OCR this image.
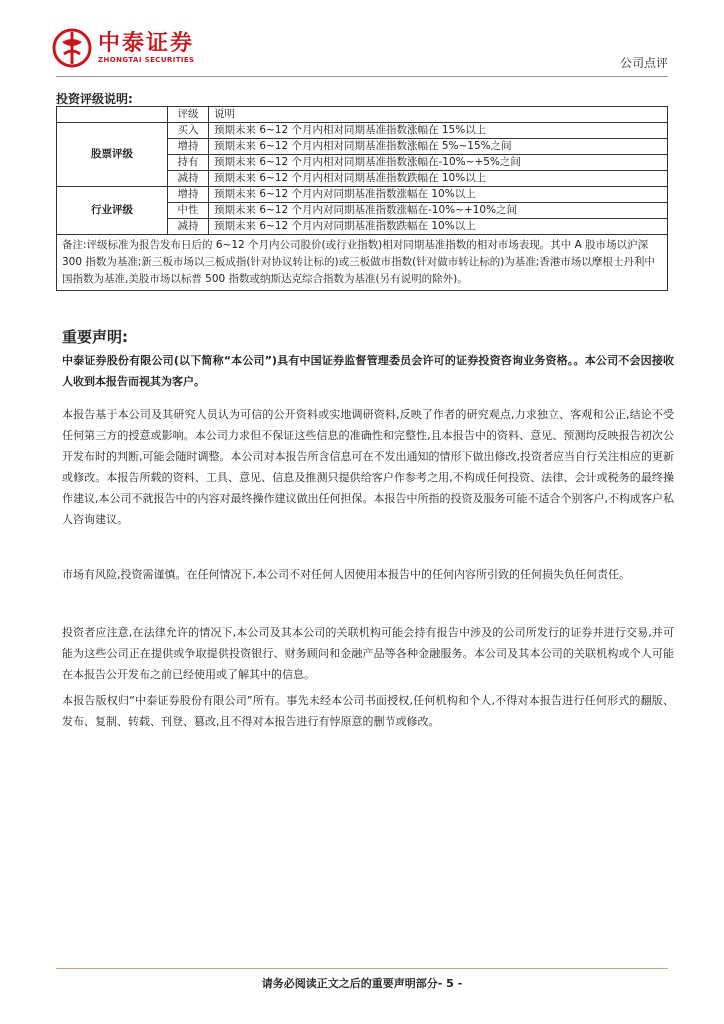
中泰证券
ZHONGTAI SECURITIES	公司点评
投资评级说明:
	评级	说明
股票评级	买入	预期未来 6~12 个月内相对同期基准指数涨幅在 15%以上
	增持	预期未来 6~12 个月内相对同期基准指数涨幅在 5%~15%之间
	持有	预期未来 6~12 个月内相对同期基准指数涨幅在-10%~+5%之间
	减持	预期未来 6~12 个月内相对同期基准指数跌幅在 10%以上
行业评级	增持	预期未来 6~12 个月内对同期基准指数涨幅在 10%以上
	中性	预期未来 6~12 个月内对同期基准指数涨幅在-10%~+10%之间
	减持	预期未来 6~12 个月内对同期基准指数跌幅在 10%以上
备注:评级标准为报告发布日后的 6~12 个月内公司股价(或行业指数)相对同期基准指数的相对市场表现。其中 A 股市场以沪深 300 指数为基准;新三板市场以三板成指(针对协议转让标的)或三板做市指数(针对做市转让标的)为基准;香港市场以摩根士丹利中国指数为基准,美股市场以标普 500 指数或纳斯达克综合指数为基准(另有说明的除外)。		
重要声明:
中泰证券股份有限公司(以下简称“本公司”)具有中国证券监督管理委员会许可的证券投资咨询业务资格。。本公司不会因接收人收到本报告而视其为客户。
本报告基于本公司及其研究人员认为可信的公开资料或实地调研资料,反映了作者的研究观点,力求独立、客观和公正,结论不受任何第三方的授意或影响。本公司力求但不保证这些信息的准确性和完整性,且本报告中的资料、意见、预测均反映报告初次公开发布时的判断,可能会随时调整。本公司对本报告所含信息可在不发出通知的情形下做出修改,投资者应当自行关注相应的更新或修改。本报告所载的资料、工具、意见、信息及推测只提供给客户作参考之用,不构成任何投资、法律、会计或税务的最终操作建议,本公司不就报告中的内容对最终操作建议做出任何担保。本报告中所指的投资及服务可能不适合个别客户,不构成客户私人咨询建议。
市场有风险,投资需谨慎。在任何情况下,本公司不对任何人因使用本报告中的任何内容所引致的任何损失负任何责任。
投资者应注意,在法律允许的情况下,本公司及其本公司的关联机构可能会持有报告中涉及的公司所发行的证券并进行交易,并可能为这些公司正在提供或争取提供投资银行、财务顾问和金融产品等各种金融服务。本公司及其本公司的关联机构或个人可能在本报告公开发布之前已经使用或了解其中的信息。
本报告版权归“中泰证券股份有限公司”所有。事先未经本公司书面授权,任何机构和个人,不得对本报告进行任何形式的翻版、发布、复制、转载、刊登、篡改,且不得对本报告进行有悖原意的删节或修改。
请务必阅读正文之后的重要声明部分- 5 -
